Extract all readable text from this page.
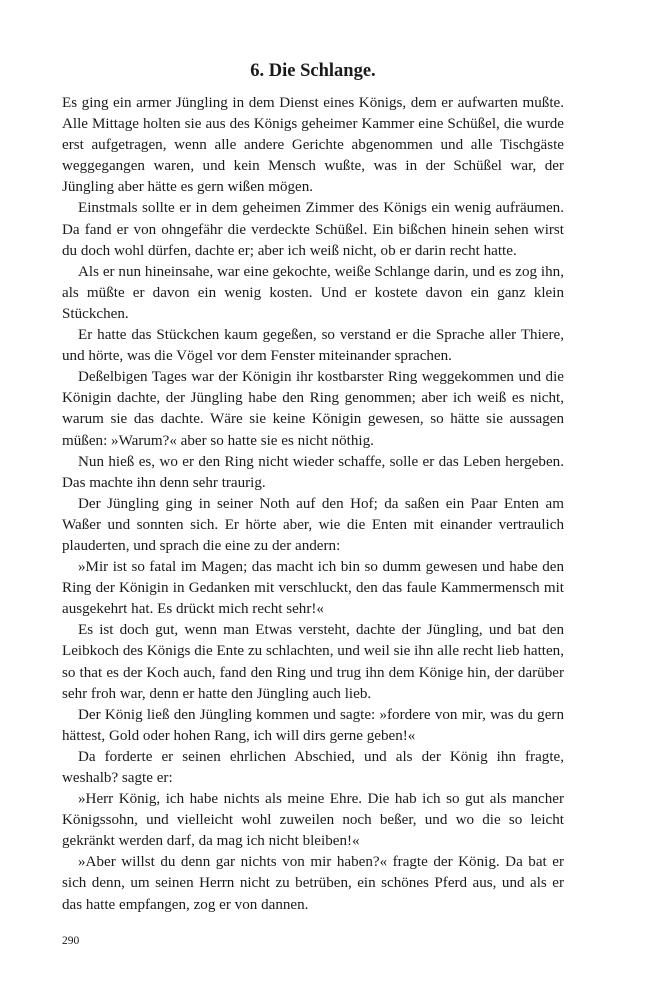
6. Die Schlange.

Es ging ein armer Jüngling in dem Dienst eines Königs, dem er aufwarten mußte. Alle Mittage holten sie aus des Königs geheimer Kammer eine Schüßel, die wurde erst aufgetragen, wenn alle andere Gerichte abgenommen und alle Tischgäste weggegangen waren, und kein Mensch wußte, was in der Schüßel war, der Jüngling aber hätte es gern wißen mögen.

Einstmals sollte er in dem geheimen Zimmer des Königs ein wenig aufräumen. Da fand er von ohngefähr die verdeckte Schüßel. Ein bißchen hinein sehen wirst du doch wohl dürfen, dachte er; aber ich weiß nicht, ob er darin recht hatte.

Als er nun hineinsahe, war eine gekochte, weiße Schlange darin, und es zog ihn, als müßte er davon ein wenig kosten. Und er kostete davon ein ganz klein Stückchen.

Er hatte das Stückchen kaum gegeßen, so verstand er die Sprache aller Thiere, und hörte, was die Vögel vor dem Fenster miteinander sprachen.

Deßelbigen Tages war der Königin ihr kostbarster Ring weggekommen und die Königin dachte, der Jüngling habe den Ring genommen; aber ich weiß es nicht, warum sie das dachte. Wäre sie keine Königin gewesen, so hätte sie aussagen müßen: »Warum?« aber so hatte sie es nicht nöthig.

Nun hieß es, wo er den Ring nicht wieder schaffe, solle er das Leben hergeben. Das machte ihn denn sehr traurig.

Der Jüngling ging in seiner Noth auf den Hof; da saßen ein Paar Enten am Waßer und sonnten sich. Er hörte aber, wie die Enten mit einander vertraulich plauderten, und sprach die eine zu der andern:

»Mir ist so fatal im Magen; das macht ich bin so dumm gewesen und habe den Ring der Königin in Gedanken mit verschluckt, den das faule Kammermensch mit ausgekehrt hat. Es drückt mich recht sehr!«

Es ist doch gut, wenn man Etwas versteht, dachte der Jüngling, und bat den Leibkoch des Königs die Ente zu schlachten, und weil sie ihn alle recht lieb hatten, so that es der Koch auch, fand den Ring und trug ihn dem Könige hin, der darüber sehr froh war, denn er hatte den Jüngling auch lieb.

Der König ließ den Jüngling kommen und sagte: »fordere von mir, was du gern hättest, Gold oder hohen Rang, ich will dirs gerne geben!«

Da forderte er seinen ehrlichen Abschied, und als der König ihn fragte, weshalb? sagte er:

»Herr König, ich habe nichts als meine Ehre. Die hab ich so gut als mancher Königssohn, und vielleicht wohl zuweilen noch beßer, und wo die so leicht gekränkt werden darf, da mag ich nicht bleiben!«

»Aber willst du denn gar nichts von mir haben?« fragte der König. Da bat er sich denn, um seinen Herrn nicht zu betrüben, ein schönes Pferd aus, und als er das hatte empfangen, zog er von dannen.

290
